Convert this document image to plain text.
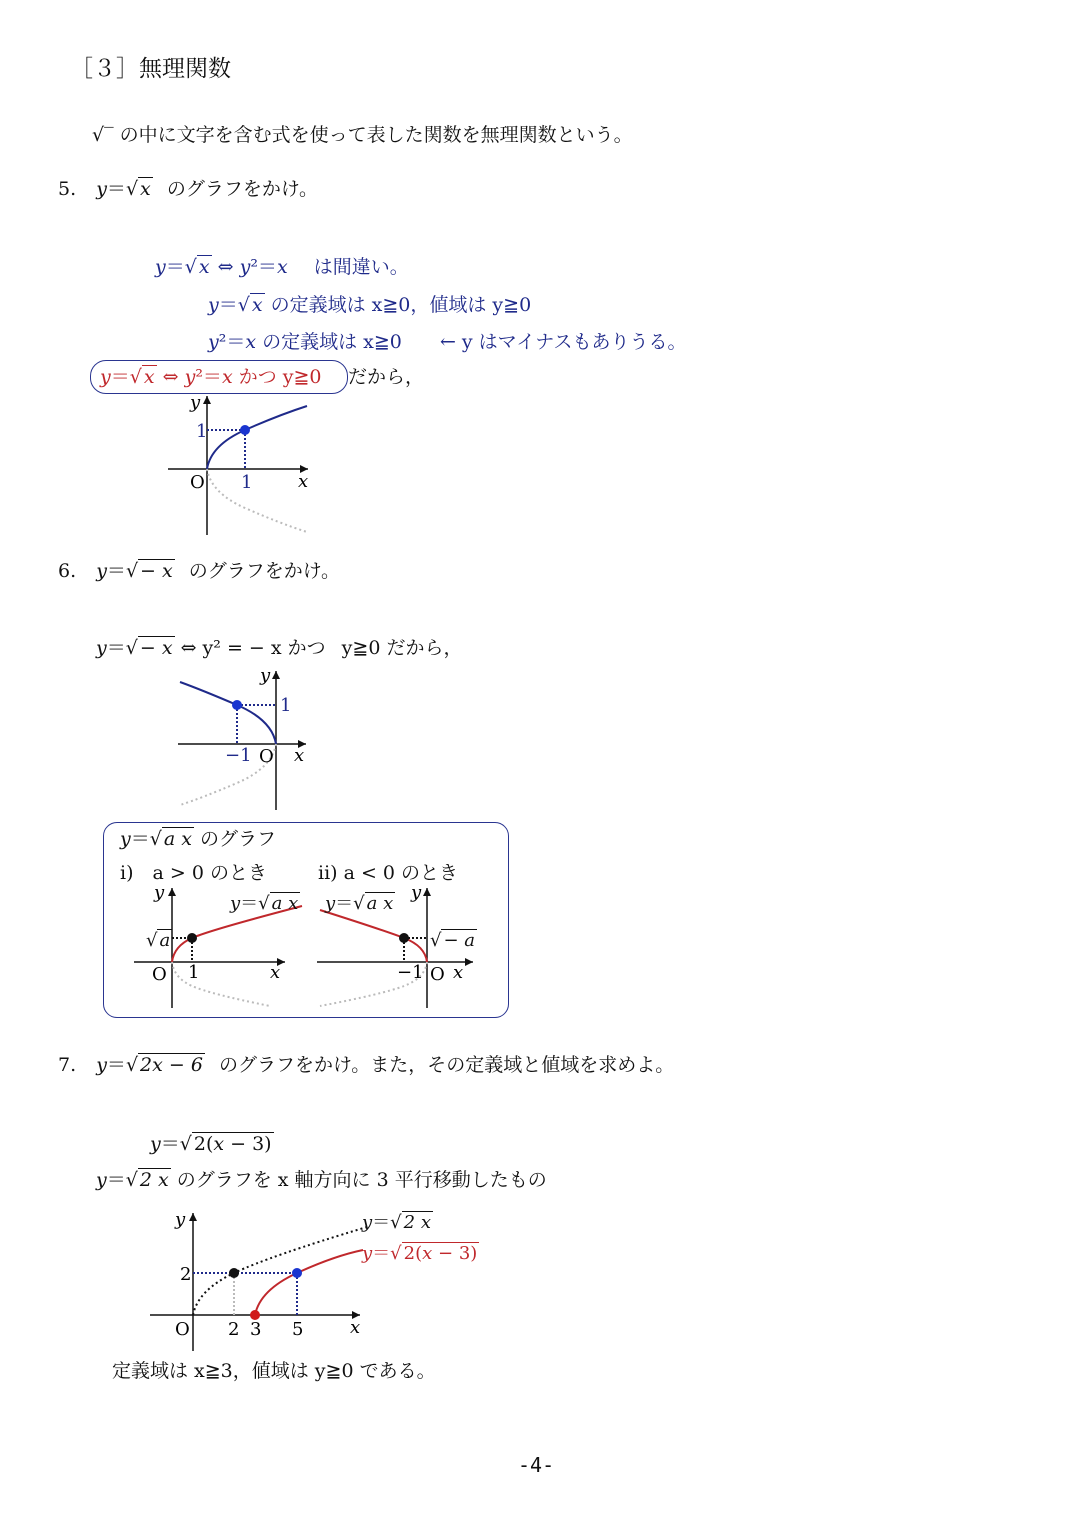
［３］無理関数
√‾ の中に文字を含む式を使って表した関数を無理関数という。
5. y＝√ x のグラフをかけ。
y＝√ x ⇔ y²＝x は間違い。
y＝√ x の定義域は x≧0，値域は y≧0
y²＝x の定義域は x≧0 ← y はマイナスもありうる。
y＝√ x ⇔ y²＝x かつ y≧0 だから，
y
x
O 1
1
6. y＝√ − x のグラフをかけ。
y＝√ − x ⇔ y² = − x かつ y≧0 だから，
y
x
O
−1
1
y＝√ a x のグラフ
i)　a > 0 のとき	ii) a < 0 のとき
y
x
O 1
√ a
y＝√ a x
y
x
O
−1
√ − a
y＝√ a x
7. y＝√ 2x − 6 のグラフをかけ。また，その定義域と値域を求めよ。
y＝√ 2(x − 3)
y＝√ 2 x のグラフを x 軸方向に 3 平行移動したもの
y
x
O
2
2 3 5
y＝√ 2 x
y＝√ 2(x − 3)
定義域は x≧3，値域は y≧0 である。
-4-
